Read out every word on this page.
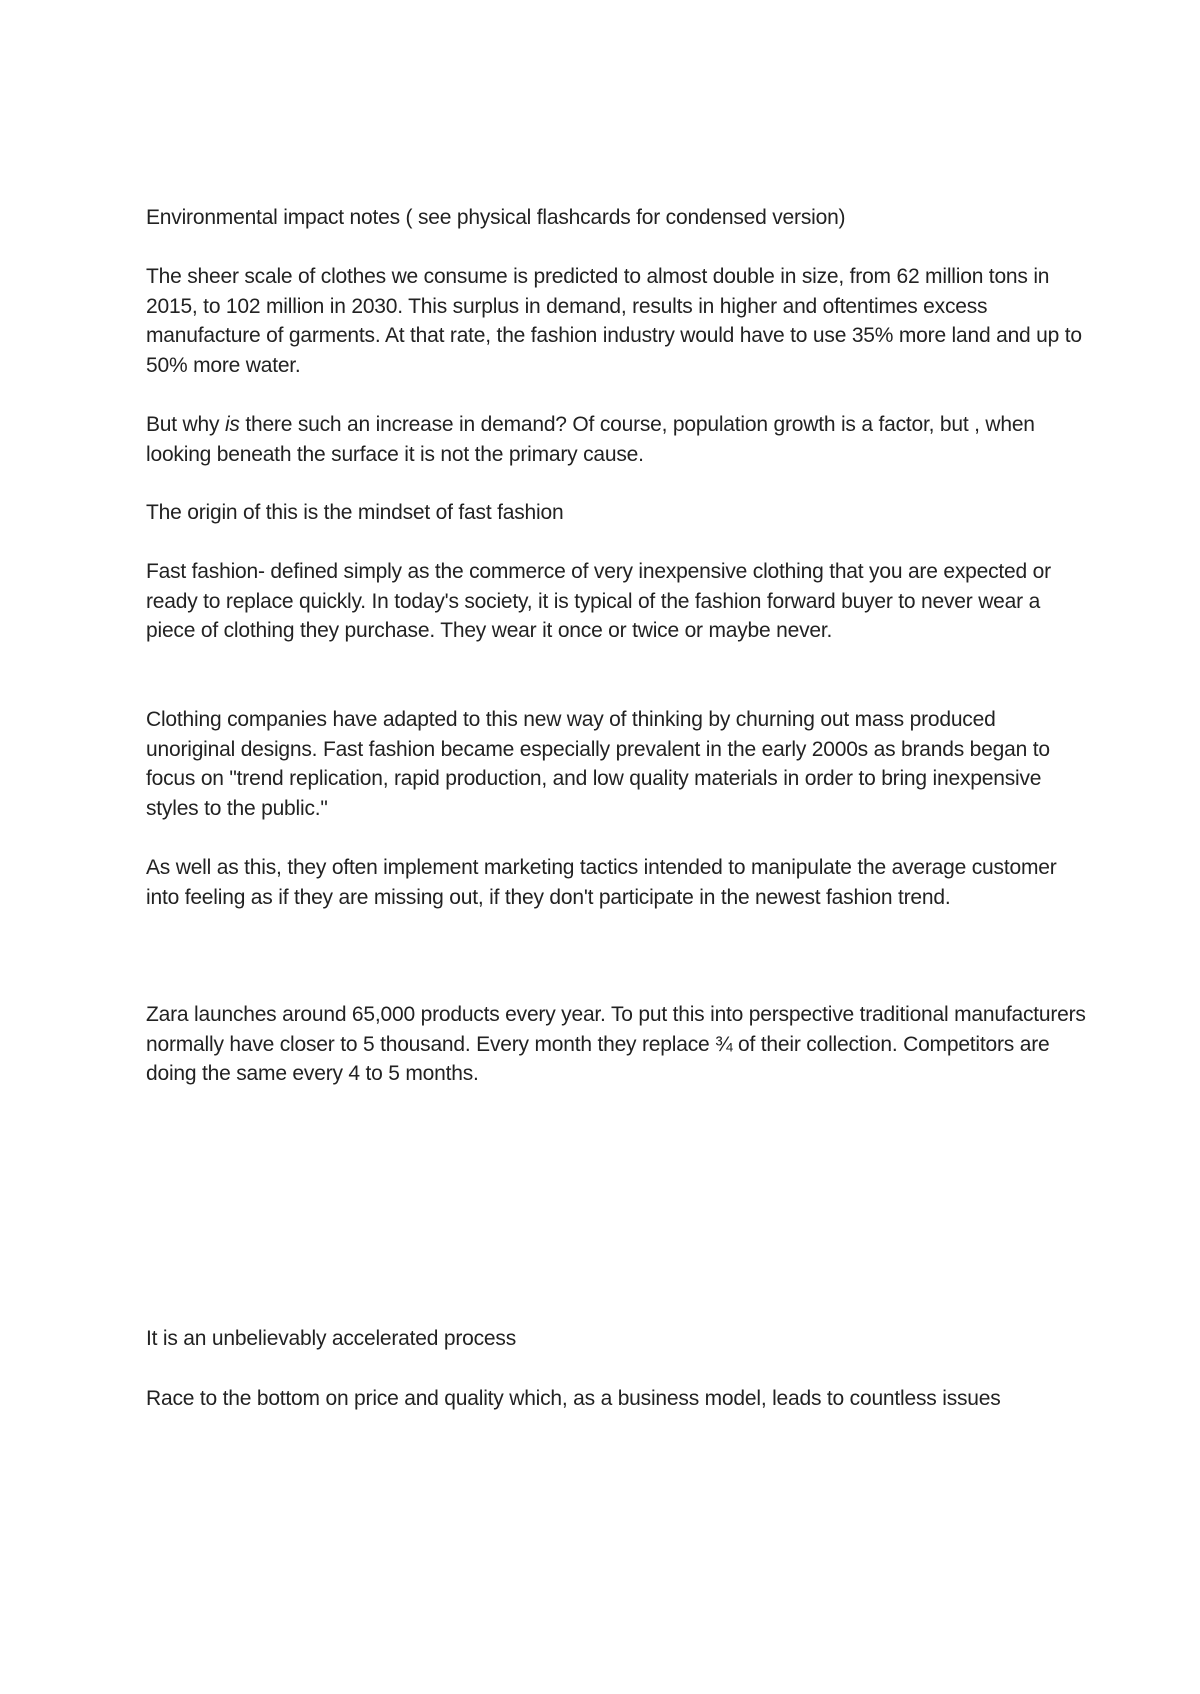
Environmental impact notes ( see physical flashcards for condensed version)

The sheer scale of clothes we consume is predicted to almost double in size, from 62 million tons in 2015, to 102 million in 2030. This surplus in demand, results in higher and oftentimes excess manufacture of garments. At that rate, the fashion industry would have to use 35% more land and up to 50% more water.

But why is there such an increase in demand? Of course, population growth is a factor, but , when looking beneath the surface it is not the primary cause.

The origin of this is the mindset of fast fashion

Fast fashion- defined simply as the commerce of very inexpensive clothing that you are expected or ready to replace quickly. In today's society, it is typical of the fashion forward buyer to never wear a piece of clothing they purchase. They wear it once or twice or maybe never.

Clothing companies have adapted to this new way of thinking by churning out mass produced unoriginal designs. Fast fashion became especially prevalent in the early 2000s as brands began to focus on "trend replication, rapid production, and low quality materials in order to bring inexpensive styles to the public."

As well as this, they often implement marketing tactics intended to manipulate the average customer into feeling as if they are missing out, if they don't participate in the newest fashion trend.

Zara launches around 65,000 products every year. To put this into perspective traditional manufacturers normally have closer to 5 thousand. Every month they replace ¾ of their collection. Competitors are doing the same every 4 to 5 months.

It is an unbelievably accelerated process

Race to the bottom on price and quality which, as a business model, leads to countless issues
